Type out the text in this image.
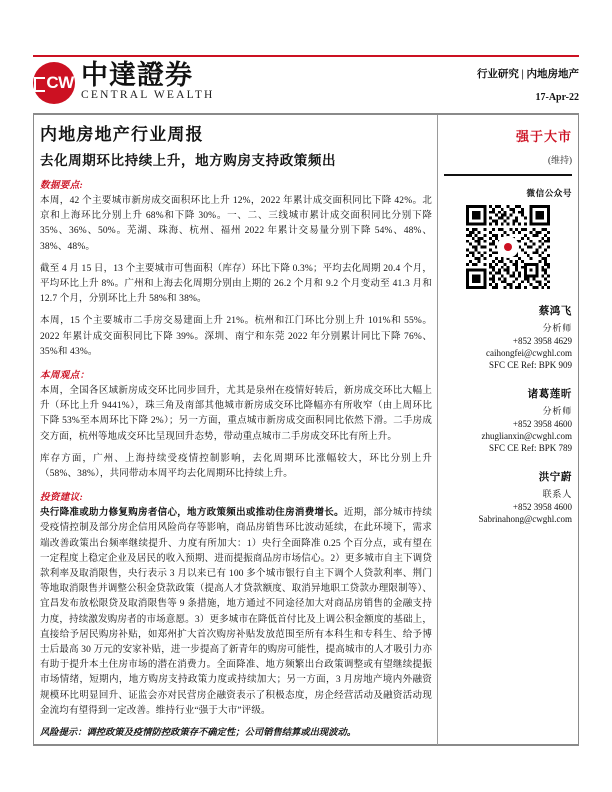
CW 中達證券
CENTRAL WEALTH
行业研究 | 内地房地产
17-Apr-22
内地房地产行业周报
去化周期环比持续上升，地方购房支持政策频出
数据要点:

本周，42 个主要城市新房成交面积环比上升 12%，2022 年累计成交面积同比下降 42%。北京和上海环比分别上升 68%和下降 30%。一、二、三线城市累计成交面积同比分别下降 35%、36%、50%。芜湖、珠海、杭州、福州 2022 年累计交易量分别下降 54%、48%、38%、48%。

截至 4 月 15 日，13 个主要城市可售面积（库存）环比下降 0.3%；平均去化周期 20.4 个月，平均环比上升 8%。广州和上海去化周期分别由上期的 26.2 个月和 9.2 个月变动至 41.3 月和 12.7 个月，分别环比上升 58%和 38%。

本周，15 个主要城市二手房交易建面上升 21%。杭州和江门环比分别上升 101%和 55%。2022 年累计成交面积同比下降 39%。深圳、南宁和东莞 2022 年分别累计同比下降 76%、35%和 43%。

本周观点：

本周，全国各区域新房成交环比同步回升，尤其是泉州在疫情好转后，新房成交环比大幅上升（环比上升 9441%），珠三角及南部其他城市新房成交环比降幅亦有所收窄（由上周环比下降 53%至本周环比下降 2%）；另一方面，重点城市新房成交面积同比依然下滑。二手房成交方面，杭州等地成交环比呈现回升态势，带动重点城市二手房成交环比有所上升。

库存方面，广州、上海持续受疫情控制影响，去化周期环比涨幅较大，环比分别上升（58%、38%），共同带动本周平均去化周期环比持续上升。

投资建议:

央行降准或助力修复购房者信心，地方政策频出或推动住房消费增长。近期，部分城市持续受疫情控制及部分房企信用风险尚存等影响，商品房销售环比波动延续，在此环境下，需求端改善政策出台频率继续提升、力度有所加大：1）央行全面降准 0.25 个百分点，或有望在一定程度上稳定企业及居民的收入预期、进而提振商品房市场信心。2）更多城市自主下调贷款利率及取消限售，央行表示 3 月以来已有 100 多个城市银行自主下调个人贷款利率、荆门等地取消限售并调整公积金贷款政策（提高人才贷款额度、取消异地职工贷款办理限制等）、宜昌发布放松限贷及取消限售等 9 条措施，地方通过不同途径加大对商品房销售的金融支持力度，持续激发购房者的市场意愿。3）更多城市在降低首付比及上调公积金额度的基础上，直接给予居民购房补贴，如郑州扩大首次购房补贴发放范围至所有本科生和专科生、给予博士后最高 30 万元的安家补贴，进一步提高了新青年的购房可能性，提高城市的人才吸引力亦有助于提升本土住房市场的潜在消费力。全面降准、地方频繁出台政策调整或有望继续提振市场情绪，短期内，地方购房支持政策力度或持续加大；另一方面，3 月房地产境内外融资规模环比明显回升、证监会亦对民营房企融资表示了积极态度，房企经营活动及融资活动现金流均有望得到一定改善。维持行业“强于大市”评级。

风险提示：调控政策及疫情防控政策存不确定性；公司销售结算或出现波动。

强于大市
(维持)
微信公众号
蔡鸿飞
分析师
+852 3958 4629
caihongfei@cwghl.com
SFC CE Ref: BPK 909
诸葛莲昕
分析师
+852 3958 4600
zhuglianxin@cwghl.com
SFC CE Ref: BPK 789
洪宁蔚
联系人
+852 3958 4600
Sabrinahong@cwghl.com
